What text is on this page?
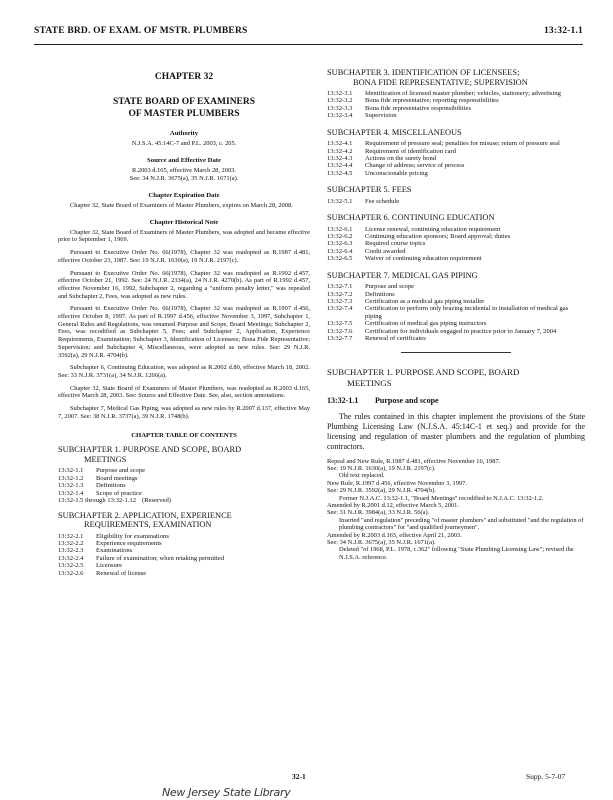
STATE BRD. OF EXAM. OF MSTR. PLUMBERS	13:32-1.1
CHAPTER 32
STATE BOARD OF EXAMINERS
OF MASTER PLUMBERS
Authority
N.J.S.A. 45:14C-7 and P.L. 2003, c. 205.
Source and Effective Date
R.2003 d.165, effective March 28, 2003.
See: 34 N.J.R. 3675(a), 35 N.J.R. 1671(a).
Chapter Expiration Date

Chapter 32, State Board of Examiners of Master Plumbers, expires on March 28, 2008.

Chapter Historical Note

Chapter 32, State Board of Examiners of Master Plumbers, was adopted and became effective prior to September 1, 1969.

Pursuant to Executive Order No. 66(1978), Chapter 32 was readopted as R.1987 d.481, effective October 23, 1987. See: 19 N.J.R. 1630(a), 19 N.J.R. 2197(c).

Pursuant to Executive Order No. 66(1978), Chapter 32 was readopted as R.1992 d.457, effective October 21, 1992. See: 24 N.J.R. 2334(a), 24 N.J.R. 4270(b). As part of R.1992 d.457, effective November 16, 1992, Subchapter 2, regarding a "uniform penalty letter," was repealed and Subchapter 2, Fees, was adopted as new rules.

Pursuant to Executive Order No. 66(1978), Chapter 32 was readopted as R.1997 d.456, effective October 8, 1997. As part of R.1997 d.456, effective November 3, 1997, Subchapter 1, General Rules and Regulations, was renamed Purpose and Scope, Board Meetings; Subchapter 2, Fees, was recodified as Subchapter 5, Fees; and Subchapter 2, Application, Experience Requirements, Examination; Subchapter 3, Identification of Licensees; Bona Fide Representative; Supervision; and Subchapter 4, Miscellaneous, were adopted as new rules. See: 29 N.J.R. 3592(a), 29 N.J.R. 4704(b).

Subchapter 6, Continuing Education, was adopted as R.2002 d.80, effective March 18, 2002. See: 33 N.J.R. 3731(a), 34 N.J.R. 1266(a).

Chapter 32, State Board of Examiners of Master Plumbers, was readopted as R.2003 d.165, effective March 28, 2003. See: Source and Effective Date. See, also, section annotations.

Subchapter 7, Medical Gas Piping, was adopted as new rules by R.2007 d.137, effective May 7, 2007. See: 38 N.J.R. 3737(a), 39 N.J.R. 1748(b).

CHAPTER TABLE OF CONTENTS
SUBCHAPTER 1. PURPOSE AND SCOPE, BOARD
MEETINGS
13:32-1.1	Purpose and scope
13:32-1.2	Board meetings
13:32-1.3	Definitions
13:32-1.4	Scope of practice
13:32-1.5 through 13:32-1.12 (Reserved)
SUBCHAPTER 2. APPLICATION, EXPERIENCE
REQUIREMENTS, EXAMINATION
13:32-2.1	Eligibility for examinations
13:32-2.2	Experience requirements
13:32-2.3	Examinations
13:32-2.4	Failure of examination; when retaking permitted
13:32-2.5	Licensure
13:32-2.6	Renewal of license
SUBCHAPTER 3. IDENTIFICATION OF LICENSEES;
BONA FIDE REPRESENTATIVE; SUPERVISION
13:32-3.1	Identification of licensed master plumber; vehicles, stationery; advertising
13:32-3.2	Bona fide representative; reporting responsibilities
13:32-3.3	Bona fide representative responsibilities
13:32-3.4	Supervision
SUBCHAPTER 4. MISCELLANEOUS
13:32-4.1	Requirement of pressure seal; penalties for misuse; return of pressure seal
13:32-4.2	Requirement of identification card
13:32-4.3	Actions on the surety bond
13:32-4.4	Change of address; service of process
13:32-4.5	Unconscionable pricing
SUBCHAPTER 5. FEES
13:32-5.1	Fee schedule
SUBCHAPTER 6. CONTINUING EDUCATION
13:32-6.1	License renewal, continuing education requirement
13:32-6.2	Continuing education sponsors; Board approval; duties
13:32-6.3	Required course topics
13:32-6.4	Credit awarded
13:32-6.5	Waiver of continuing education requirement
SUBCHAPTER 7. MEDICAL GAS PIPING
13:32-7.1	Purpose and scope
13:32-7.2	Definitions
13:32-7.3	Certification as a medical gas piping installer
13:32-7.4	Certification to perform only brazing incidental to installation of medical gas piping
13:32-7.5	Certification of medical gas piping instructors
13:32-7.6	Certification for individuals engaged in practice prior to January 7, 2004
13:32-7.7	Renewal of certificates
SUBCHAPTER 1. PURPOSE AND SCOPE, BOARD
MEETINGS
13:32-1.1	Purpose and scope

The rules contained in this chapter implement the provisions of the State Plumbing Licensing Law (N.J.S.A. 45:14C-1 et seq.) and provide for the licensing and regulation of master plumbers and the regulation of plumbing contractors.

Repeal and New Rule, R.1987 d.481, effective November 16, 1987.
See: 19 N.J.R. 1630(a), 19 N.J.R. 2197(c).
Old text replaced.
New Rule, R.1997 d.456, effective November 3, 1997.
See: 29 N.J.R. 3592(a), 29 N.J.R. 4704(b).
Former N.J.A.C. 13:32-1.1, "Board Meetings" recodified to N.J.A.C. 13:32-1.2.
Amended by R.2001 d.12, effective March 5, 2001.
See: 31 N.J.R. 3984(a), 33 N.J.R. 56(a).
Inserted "and regulation" preceding "of master plumbers" and substituted "and the regulation of plumbing contractors" for "and qualified journeymen".
Amended by R.2003 d.165, effective April 21, 2003.
See: 34 N.J.R. 3675(a), 35 N.J.R. 1671(a).
Deleted "of 1968, P.L. 1978, c.362" following "State Plumbing Licensing Law"; revised the N.J.S.A. reference.
32-1	Supp. 5-7-07
New Jersey State Library
